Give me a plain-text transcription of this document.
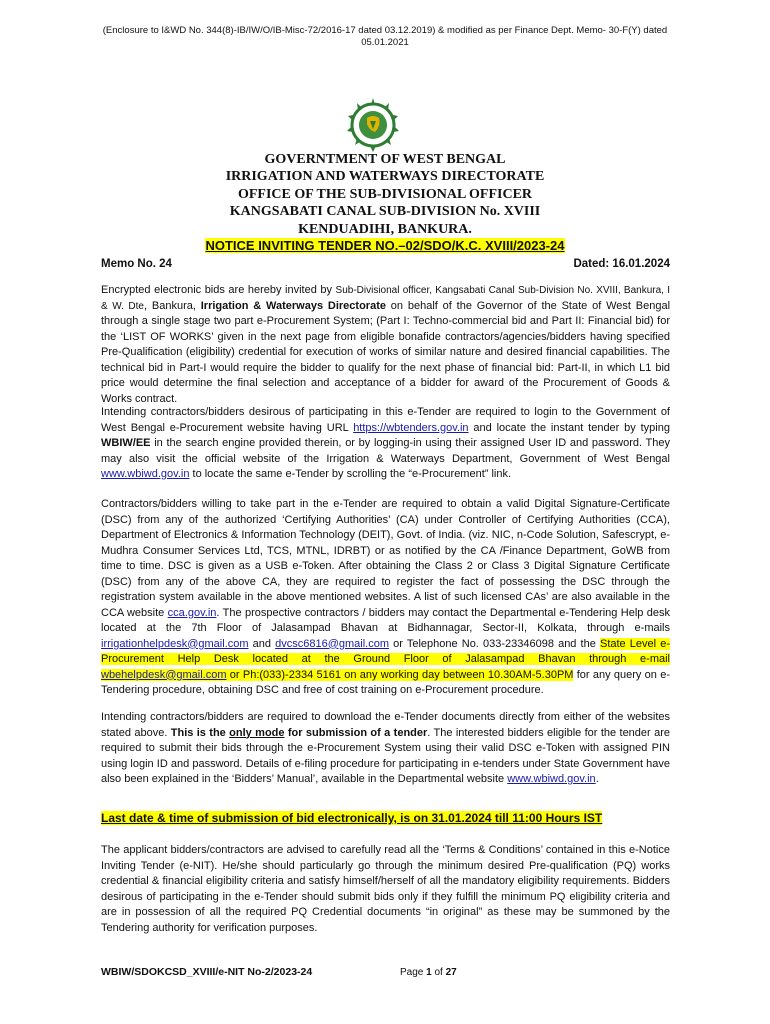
(Enclosure to I&WD No. 344(8)-IB/IW/O/IB-Misc-72/2016-17 dated 03.12.2019) & modified as per Finance Dept. Memo- 30-F(Y) dated
05.01.2021
GOVERNTMENT OF WEST BENGAL
IRRIGATION AND WATERWAYS DIRECTORATE
OFFICE OF THE SUB-DIVISIONAL OFFICER
KANGSABATI CANAL SUB-DIVISION No. XVIII
KENDUADIHI, BANKURA.
NOTICE INVITING TENDER NO.–02/SDO/K.C. XVIII/2023-24
Memo No. 24	Dated: 16.01.2024
Encrypted electronic bids are hereby invited by Sub-Divisional officer, Kangsabati Canal Sub-Division No. XVIII, Bankura, I & W. Dte, Bankura, Irrigation & Waterways Directorate on behalf of the Governor of the State of West Bengal through a single stage two part e-Procurement System; (Part I: Techno-commercial bid and Part II: Financial bid) for the ‘LIST OF WORKS’ given in the next page from eligible bonafide contractors/agencies/bidders having specified Pre-Qualification (eligibility) credential for execution of works of similar nature and desired financial capabilities. The technical bid in Part-I would require the bidder to qualify for the next phase of financial bid: Part-II, in which L1 bid price would determine the final selection and acceptance of a bidder for award of the Procurement of Goods & Works contract.
Intending contractors/bidders desirous of participating in this e-Tender are required to login to the Government of West Bengal e-Procurement website having URL https://wbtenders.gov.in and locate the instant tender by typing WBIW/EE in the search engine provided therein, or by logging-in using their assigned User ID and password. They may also visit the official website of the Irrigation & Waterways Department, Government of West Bengal www.wbiwd.gov.in to locate the same e-Tender by scrolling the “e-Procurement” link.
Contractors/bidders willing to take part in the e-Tender are required to obtain a valid Digital Signature-Certificate (DSC) from any of the authorized ‘Certifying Authorities’ (CA) under Controller of Certifying Authorities (CCA), Department of Electronics & Information Technology (DEIT), Govt. of India. (viz. NIC, n-Code Solution, Safescrypt, e-Mudhra Consumer Services Ltd, TCS, MTNL, IDRBT) or as notified by the CA /Finance Department, GoWB from time to time. DSC is given as a USB e-Token. After obtaining the Class 2 or Class 3 Digital Signature Certificate (DSC) from any of the above CA, they are required to register the fact of possessing the DSC through the registration system available in the above mentioned websites. A list of such licensed CAs’ are also available in the CCA website cca.gov.in. The prospective contractors / bidders may contact the Departmental e-Tendering Help desk located at the 7th Floor of Jalasampad Bhavan at Bidhannagar, Sector-II, Kolkata, through e-mails irrigationhelpdesk@gmail.com and dvcsc6816@gmail.com or Telephone No. 033-23346098 and the State Level e-Procurement Help Desk located at the Ground Floor of Jalasampad Bhavan through e-mail wbehelpdesk@gmail.com or Ph:(033)-2334 5161 on any working day between 10.30AM-5.30PM for any query on e-Tendering procedure, obtaining DSC and free of cost training on e-Procurement procedure.
Intending contractors/bidders are required to download the e-Tender documents directly from either of the websites stated above. This is the only mode for submission of a tender. The interested bidders eligible for the tender are required to submit their bids through the e-Procurement System using their valid DSC e-Token with assigned PIN using login ID and password. Details of e-filing procedure for participating in e-tenders under State Government have also been explained in the ‘Bidders’ Manual’, available in the Departmental website www.wbiwd.gov.in.
Last date & time of submission of bid electronically, is on 31.01.2024 till 11:00 Hours IST
The applicant bidders/contractors are advised to carefully read all the ‘Terms & Conditions’ contained in this e-Notice Inviting Tender (e-NIT). He/she should particularly go through the minimum desired Pre-qualification (PQ) works credential & financial eligibility criteria and satisfy himself/herself of all the mandatory eligibility requirements. Bidders desirous of participating in the e-Tender should submit bids only if they fulfill the minimum PQ eligibility criteria and are in possession of all the required PQ Credential documents “in original” as these may be summoned by the Tendering authority for verification purposes.
WBIW/SDOKCSD_XVIII/e-NIT No-2/2023-24	Page 1 of 27
